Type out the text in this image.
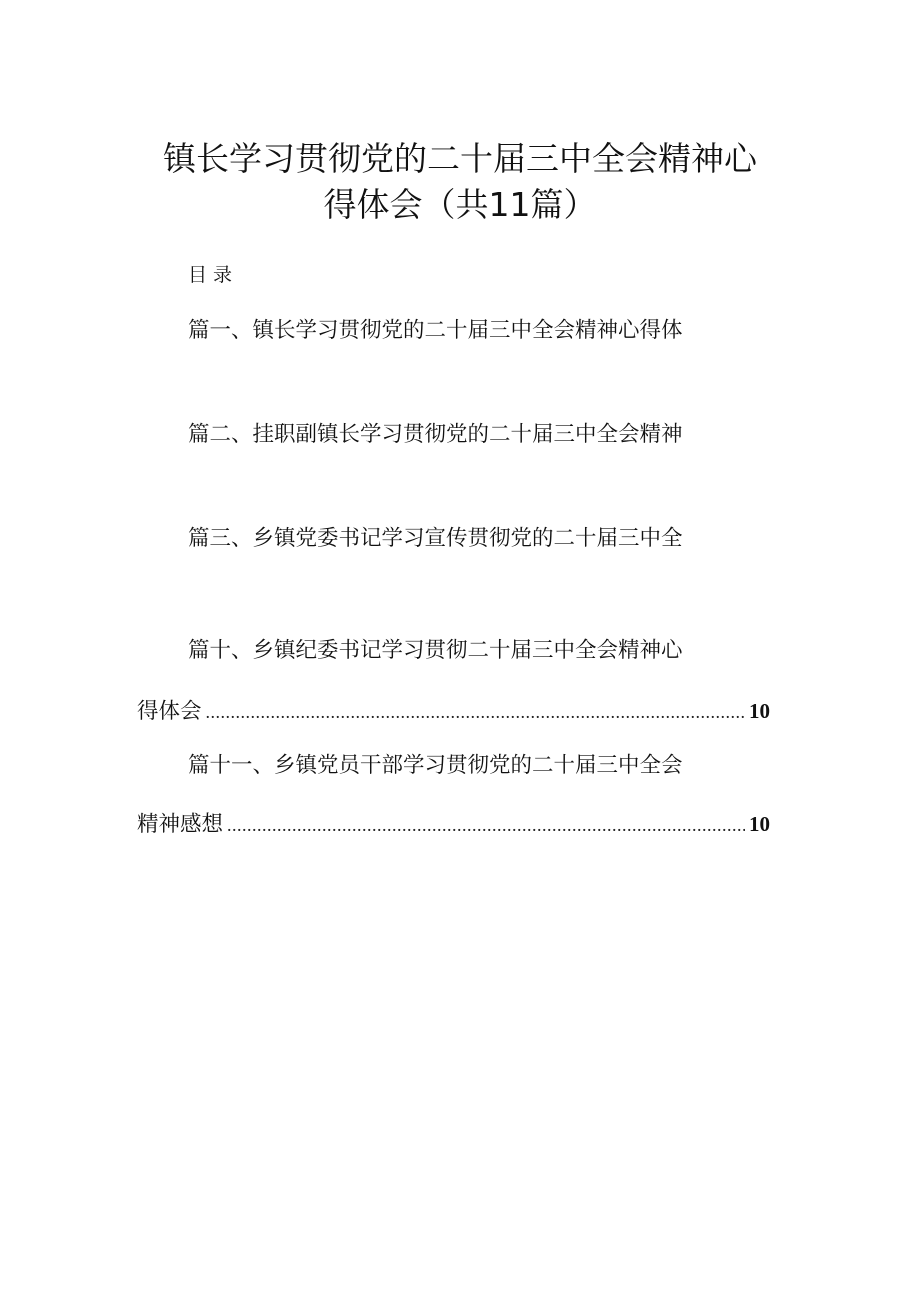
镇长学习贯彻党的二十届三中全会精神心
得体会（共11篇）
目录
篇一、镇长学习贯彻党的二十届三中全会精神心得体
篇二、挂职副镇长学习贯彻党的二十届三中全会精神
篇三、乡镇党委书记学习宣传贯彻党的二十届三中全
篇十、乡镇纪委书记学习贯彻二十届三中全会精神心
得体会 .....	10
篇十一、乡镇党员干部学习贯彻党的二十届三中全会
精神感想 .....	10
